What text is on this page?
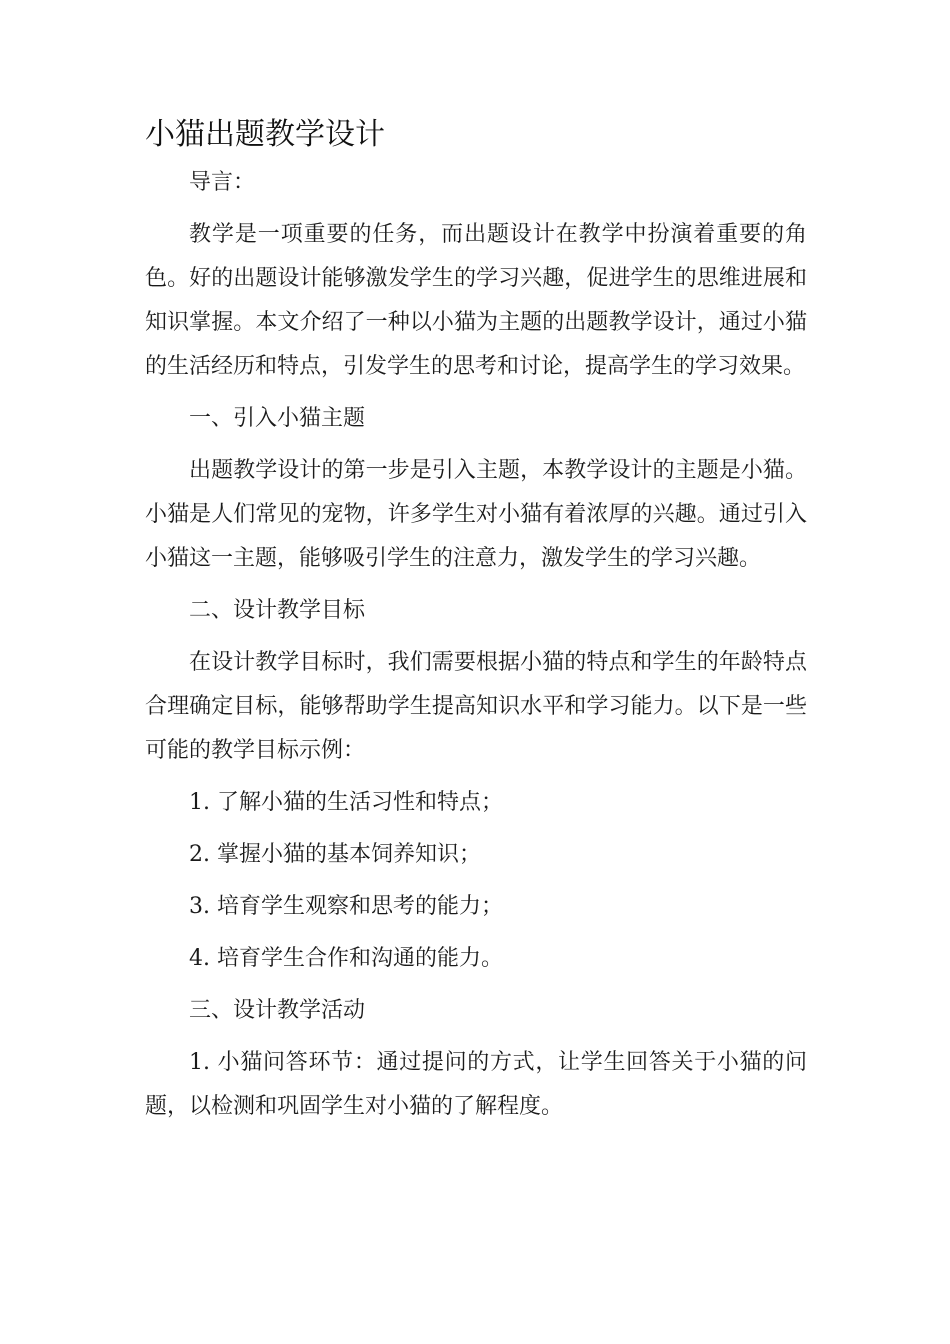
小猫出题教学设计

导言：

教学是一项重要的任务，而出题设计在教学中扮演着重要的角色。好的出题设计能够激发学生的学习兴趣，促进学生的思维进展和知识掌握。本文介绍了一种以小猫为主题的出题教学设计，通过小猫的生活经历和特点，引发学生的思考和讨论，提高学生的学习效果。

一、引入小猫主题

出题教学设计的第一步是引入主题，本教学设计的主题是小猫。小猫是人们常见的宠物，许多学生对小猫有着浓厚的兴趣。通过引入小猫这一主题，能够吸引学生的注意力，激发学生的学习兴趣。

二、设计教学目标

在设计教学目标时，我们需要根据小猫的特点和学生的年龄特点合理确定目标，能够帮助学生提高知识水平和学习能力。以下是一些可能的教学目标示例：

1. 了解小猫的生活习性和特点；

2. 掌握小猫的基本饲养知识；

3. 培育学生观察和思考的能力；

4. 培育学生合作和沟通的能力。

三、设计教学活动

1. 小猫问答环节：通过提问的方式，让学生回答关于小猫的问题，以检测和巩固学生对小猫的了解程度。
